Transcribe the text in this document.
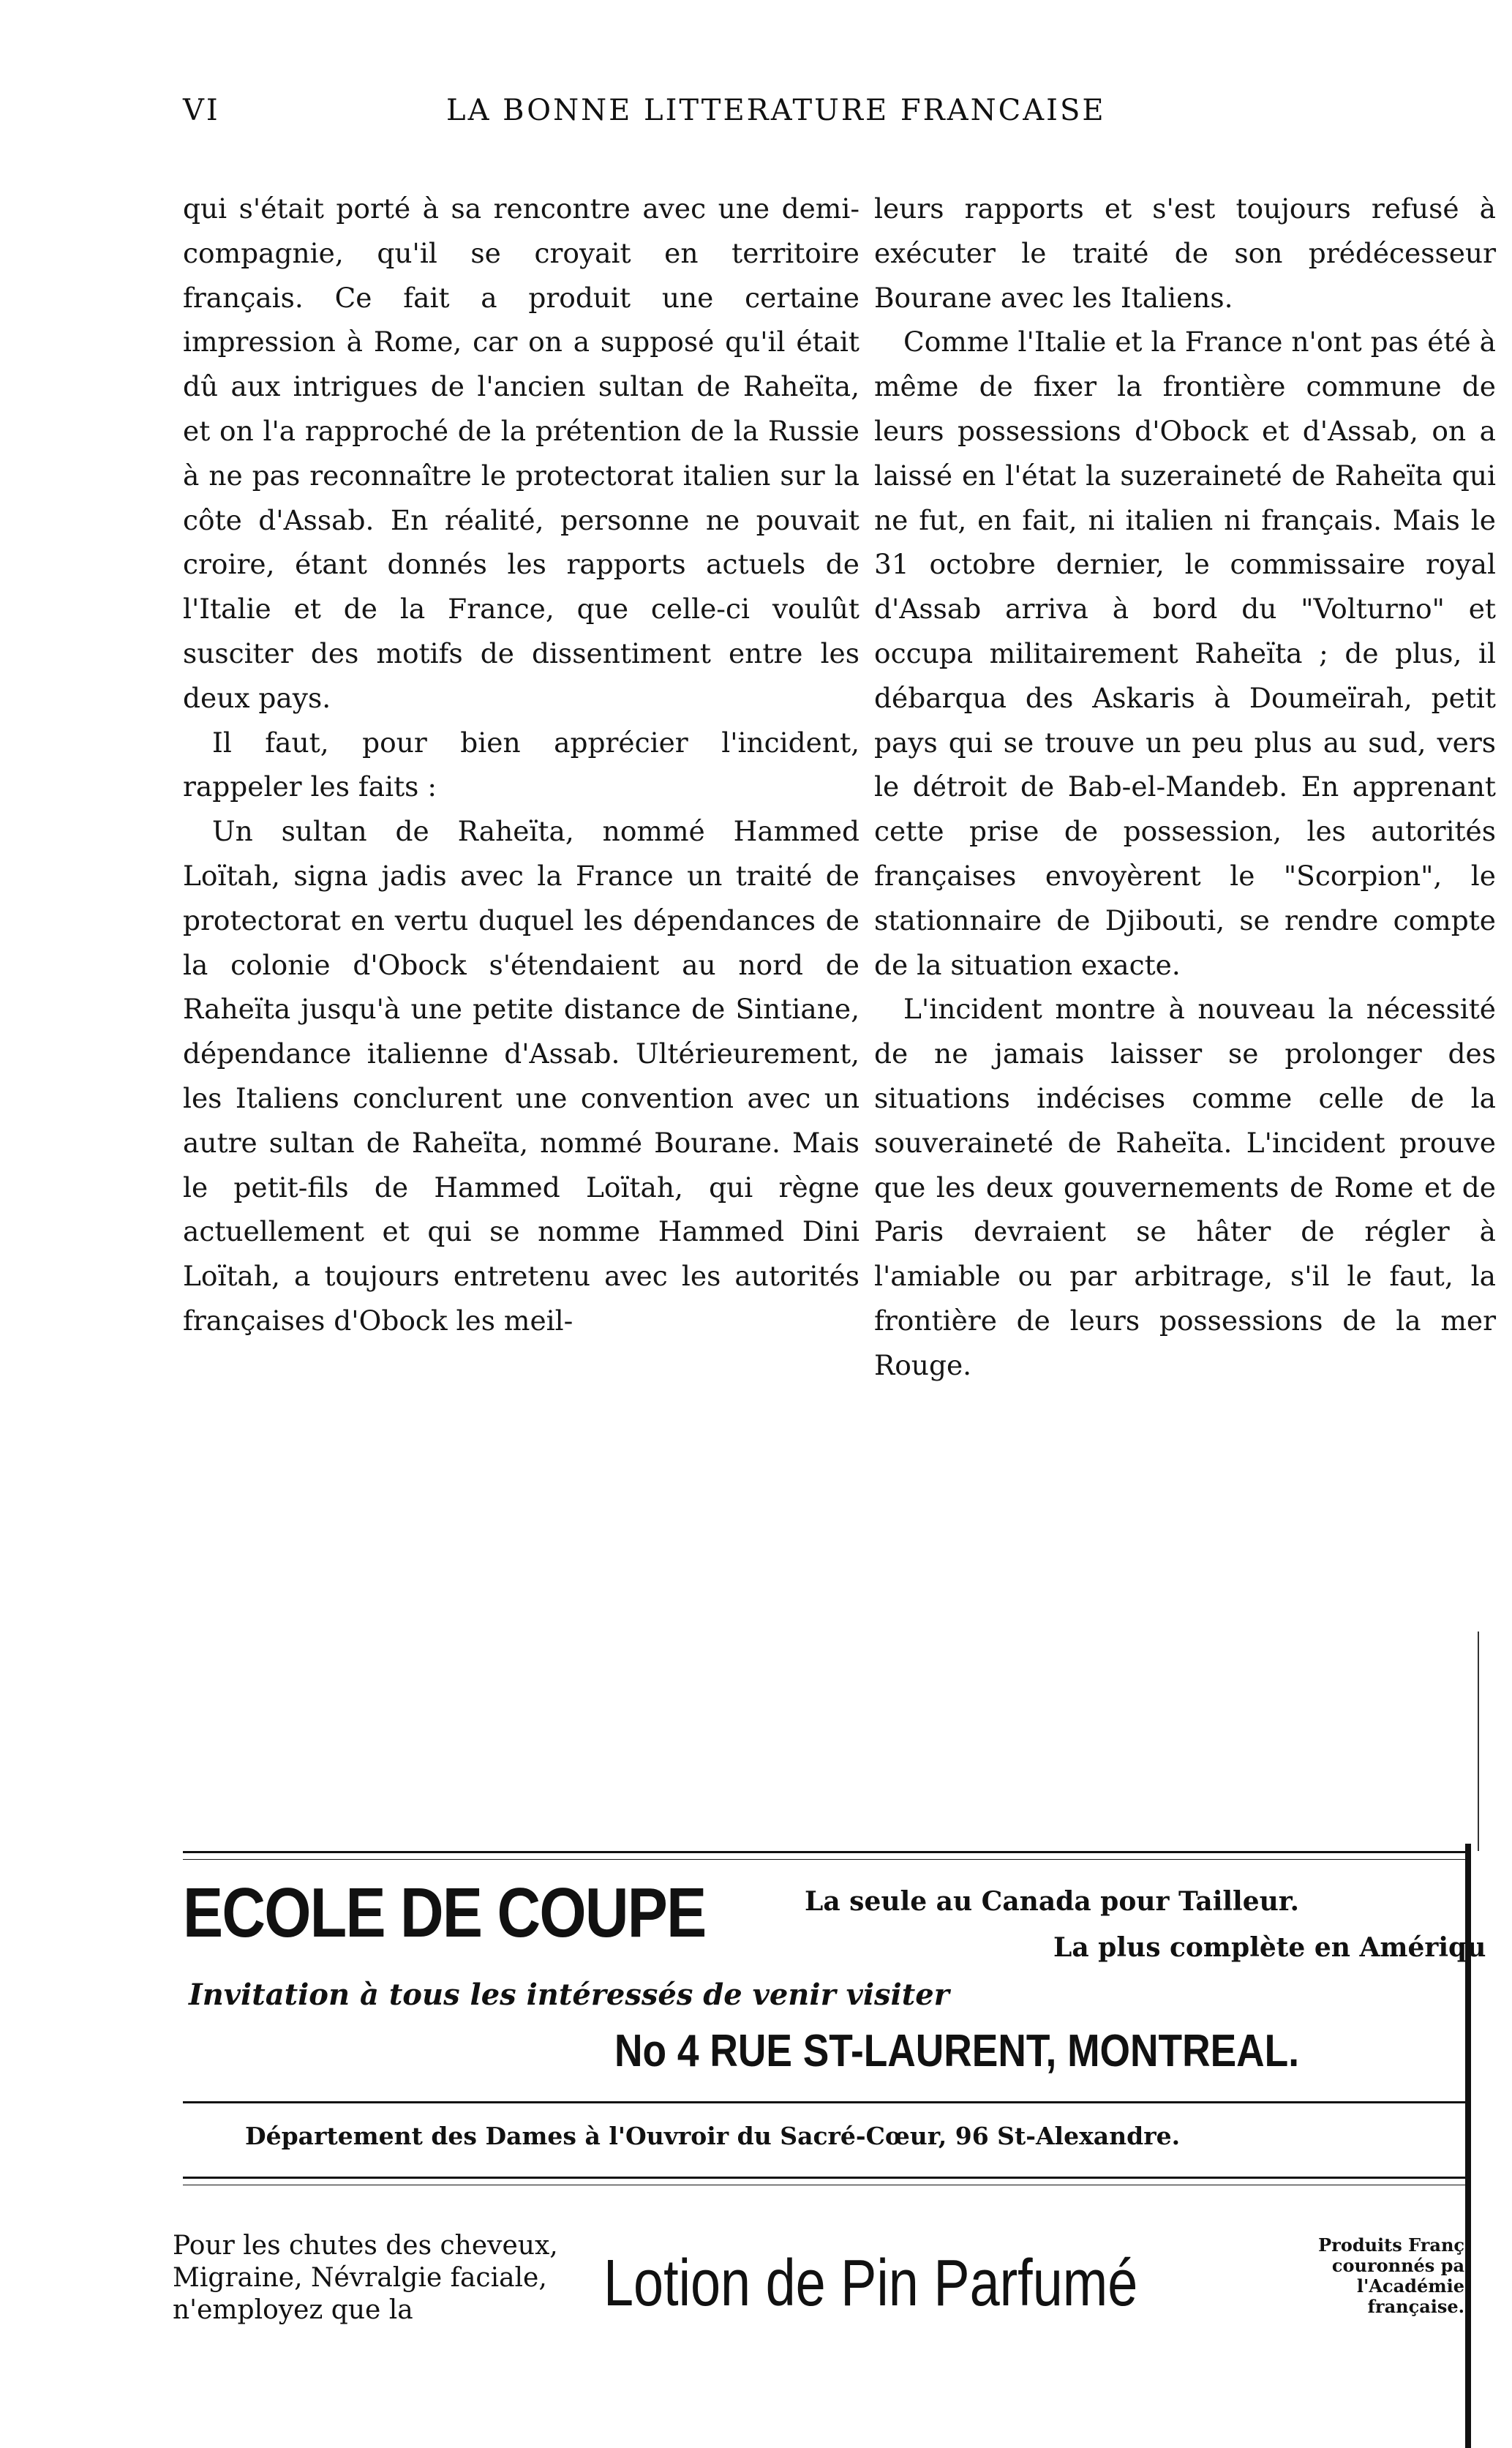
VI	LA BONNE LITTERATURE FRANCAISE

qui s'était porté à sa rencontre avec une demi-compagnie, qu'il se croyait en territoire français. Ce fait a produit une certaine impression à Rome, car on a supposé qu'il était dû aux intrigues de l'ancien sultan de Raheïta, et on l'a rapproché de la prétention de la Russie à ne pas reconnaître le protectorat italien sur la côte d'Assab. En réalité, personne ne pouvait croire, étant donnés les rapports actuels de l'Italie et de la France, que celle-ci voulût susciter des motifs de dissentiment entre les deux pays.

Il faut, pour bien apprécier l'incident, rappeler les faits :

Un sultan de Raheïta, nommé Hammed Loïtah, signa jadis avec la France un traité de protectorat en vertu duquel les dépendances de la colonie d'Obock s'étendaient au nord de Raheïta jusqu'à une petite distance de Sintiane, dépendance italienne d'Assab. Ultérieurement, les Italiens conclurent une convention avec un autre sultan de Raheïta, nommé Bourane. Mais le petit-fils de Hammed Loïtah, qui règne actuellement et qui se nomme Hammed Dini Loïtah, a toujours entretenu avec les autorités françaises d'Obock les meil-

leurs rapports et s'est toujours refusé à exécuter le traité de son prédécesseur Bourane avec les Italiens.

Comme l'Italie et la France n'ont pas été à même de fixer la frontière commune de leurs possessions d'Obock et d'Assab, on a laissé en l'état la suzeraineté de Raheïta qui ne fut, en fait, ni italien ni français. Mais le 31 octobre dernier, le commissaire royal d'Assab arriva à bord du "Volturno" et occupa militairement Raheïta ; de plus, il débarqua des Askaris à Doumeïrah, petit pays qui se trouve un peu plus au sud, vers le détroit de Bab-el-Mandeb. En apprenant cette prise de possession, les autorités françaises envoyèrent le "Scorpion", le stationnaire de Djibouti, se rendre compte de la situation exacte.

L'incident montre à nouveau la nécessité de ne jamais laisser se prolonger des situations indécises comme celle de la souveraineté de Raheïta. L'incident prouve que les deux gouvernements de Rome et de Paris devraient se hâter de régler à l'amiable ou par arbitrage, s'il le faut, la frontière de leurs possessions de la mer Rouge.

ECOLE DE COUPE	La seule au Canada pour Tailleur.
La plus complète en Amériqu
Invitation à tous les intéressés de venir visiter
No 4 RUE ST-LAURENT, MONTREAL.
Département des Dames à l'Ouvroir du Sacré-Cœur, 96 St-Alexandre.
Pour les chutes des cheveux,
Migraine, Névralgie faciale,
n'employez que la	Lotion de Pin Parfumé
Produits Franç
couronnés pa
l'Académie
française.
